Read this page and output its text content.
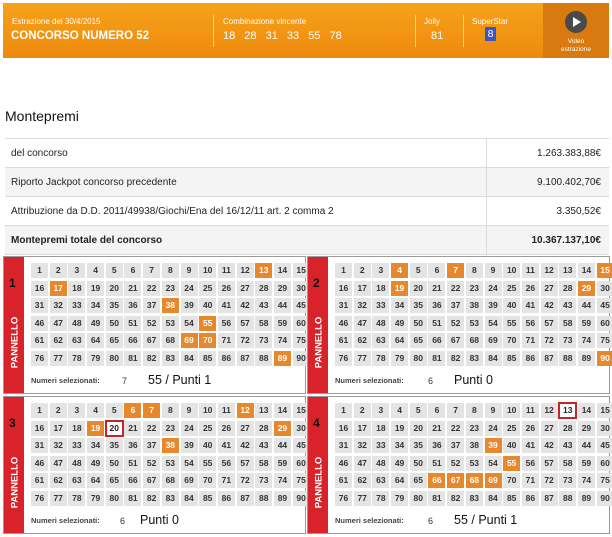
Estrazione del 30/4/2015
CONCORSO NUMERO 52
Combinazione vincente
18 28 31 33 55 78
Jolly
81
SuperStar
8
Video
estrazione
Montepremi
del concorso	1.263.383,88€
Riporto Jackpot concorso precedente	9.100.402,70€
Attribuzione da D.D. 2011/49938/Giochi/Ena del 16/12/11 art. 2 comma 2	3.350,52€
Montepremi totale del concorso	10.367.137,10€
1
PANNELLO
1	2	3	4	5	6	7	8	9	10	11	12	13	14	15
16	17	18	19	20	21	22	23	24	25	26	27	28	29	30
31	32	33	34	35	36	37	38	39	40	41	42	43	44	45
46	47	48	49	50	51	52	53	54	55	56	57	58	59	60
61	62	63	64	65	66	67	68	69	70	71	72	73	74	75
76	77	78	79	80	81	82	83	84	85	86	87	88	89	90
Numeri selezionati: 7 55 / Punti 1
2
PANNELLO
1	2	3	4	5	6	7	8	9	10	11	12	13	14	15
16	17	18	19	20	21	22	23	24	25	26	27	28	29	30
31	32	33	34	35	36	37	38	39	40	41	42	43	44	45
46	47	48	49	50	51	52	53	54	55	56	57	58	59	60
61	62	63	64	65	66	67	68	69	70	71	72	73	74	75
76	77	78	79	80	81	82	83	84	85	86	87	88	89	90
Numeri selezionati:	6 Punti 0
3
PANNELLO
1	2	3	4	5	6	7	8	9	10	11	12	13	14	15
16	17	18	19	20	21	22	23	24	25	26	27	28	29	30
31	32	33	34	35	36	37	38	39	40	41	42	43	44	45
46	47	48	49	50	51	52	53	54	55	56	57	58	59	60
61	62	63	64	65	66	67	68	69	70	71	72	73	74	75
76	77	78	79	80	81	82	83	84	85	86	87	88	89	90
Numeri selezionati: 6 Punti 0
4
PANNELLO
1	2	3	4	5	6	7	8	9	10	11	12	13	14	15
16	17	18	19	20	21	22	23	24	25	26	27	28	29	30
31	32	33	34	35	36	37	38	39	40	41	42	43	44	45
46	47	48	49	50	51	52	53	54	55	56	57	58	59	60
61	62	63	64	65	66	67	68	69	70	71	72	73	74	75
76	77	78	79	80	81	82	83	84	85	86	87	88	89	90
Numeri selezionati:	6 55 / Punti 1
